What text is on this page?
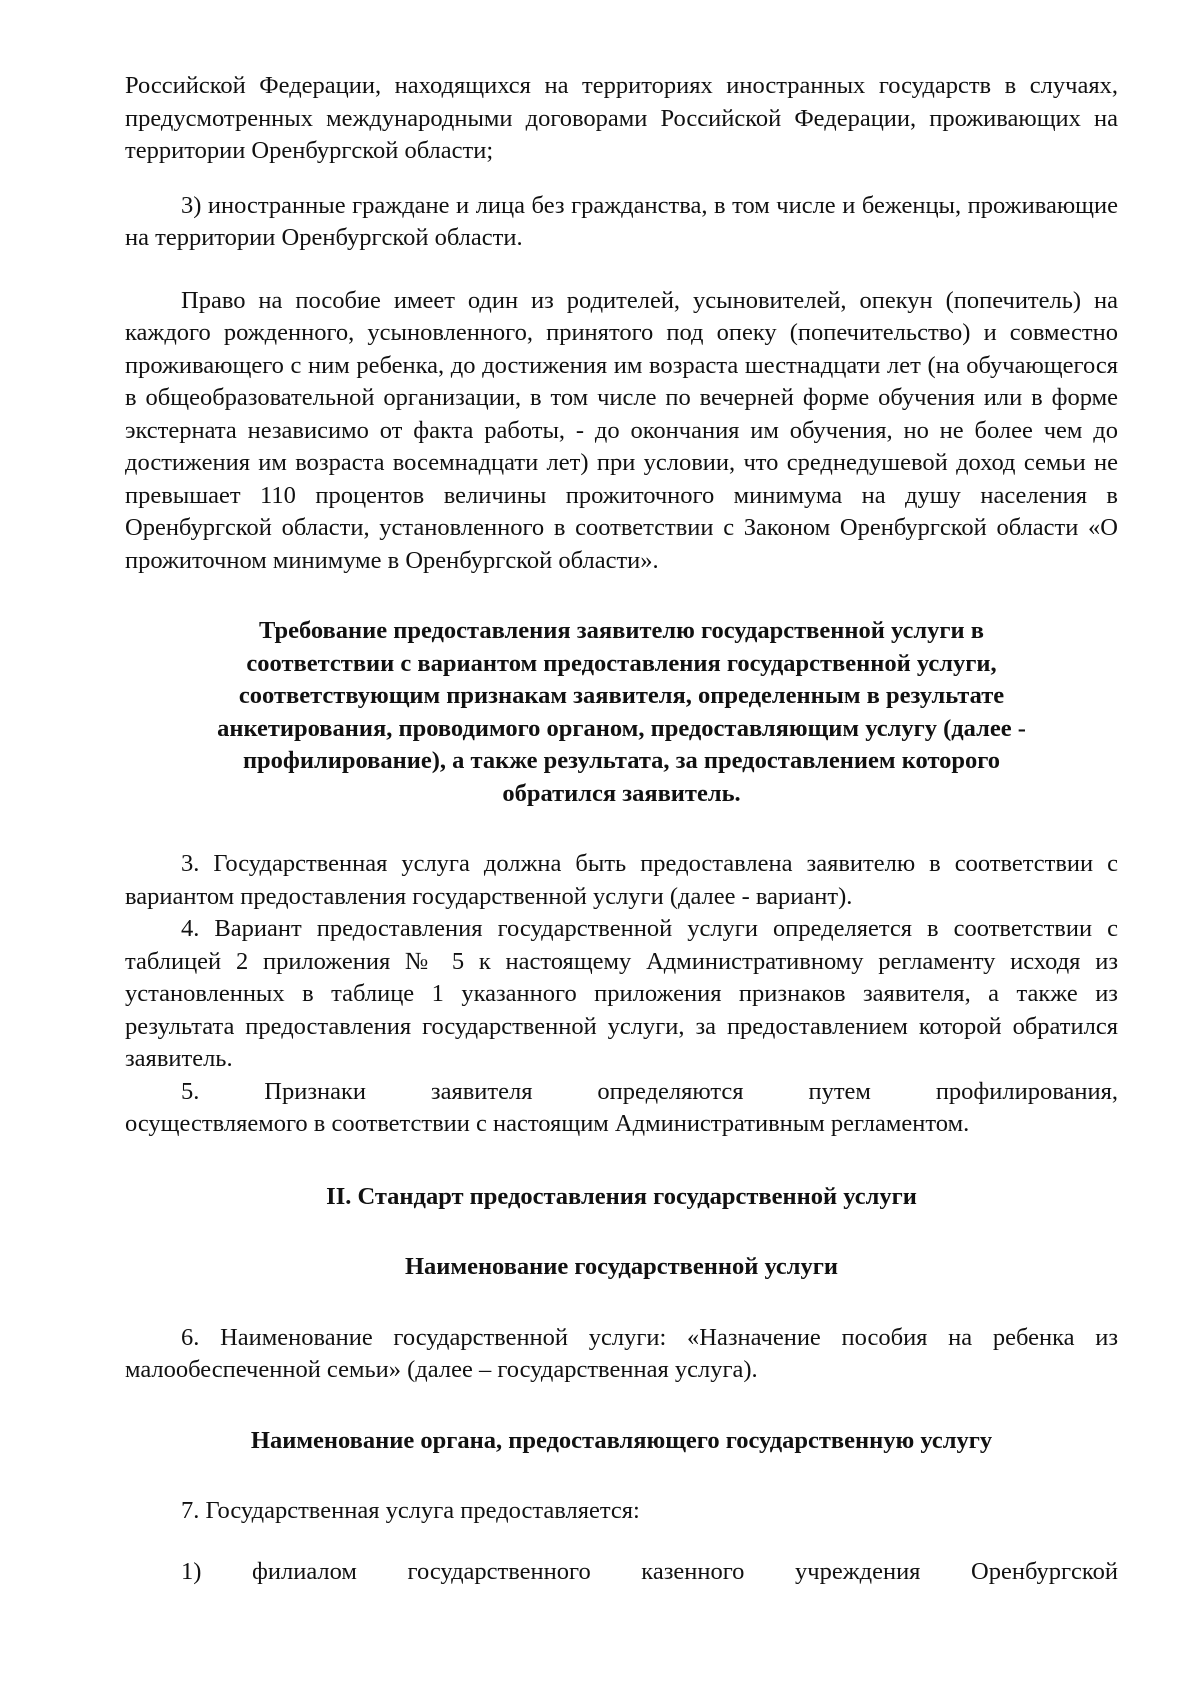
Российской Федерации, находящихся на территориях иностранных государств в случаях, предусмотренных международными договорами Российской Федерации, проживающих на территории Оренбургской области;

3) иностранные граждане и лица без гражданства, в том числе и беженцы, проживающие на территории Оренбургской области.

Право на пособие имеет один из родителей, усыновителей, опекун (попечитель) на каждого рожденного, усыновленного, принятого под опеку (попечительство) и совместно проживающего с ним ребенка, до достижения им возраста шестнадцати лет (на обучающегося в общеобразовательной организации, в том числе по вечерней форме обучения или в форме экстерната независимо от факта работы, - до окончания им обучения, но не более чем до достижения им возраста восемнадцати лет) при условии, что среднедушевой доход семьи не превышает 110 процентов величины прожиточного минимума на душу населения в Оренбургской области, установленного в соответствии с Законом Оренбургской области «О прожиточном минимуме в Оренбургской области».

Требование предоставления заявителю государственной услуги в
соответствии с вариантом предоставления государственной услуги,
соответствующим признакам заявителя, определенным в результате
анкетирования, проводимого органом, предоставляющим услугу (далее -
профилирование), а также результата, за предоставлением которого
обратился заявитель.

3. Государственная услуга должна быть предоставлена заявителю в соответствии с вариантом предоставления государственной услуги (далее - вариант).

4. Вариант предоставления государственной услуги определяется в соответствии с таблицей 2 приложения № 5 к настоящему Административному регламенту исходя из установленных в таблице 1 указанного приложения признаков заявителя, а также из результата предоставления государственной услуги, за предоставлением которой обратился заявитель.

5.	Признаки	заявителя	определяются	путем	профилирования,

осуществляемого в соответствии с настоящим Административным регламентом.

II. Стандарт предоставления государственной услуги

Наименование государственной услуги

6. Наименование государственной услуги: «Назначение пособия на ребенка из малообеспеченной семьи» (далее – государственная услуга).

Наименование органа, предоставляющего государственную услугу

7. Государственная услуга предоставляется:

1) филиалом государственного казенного учреждения Оренбургской
